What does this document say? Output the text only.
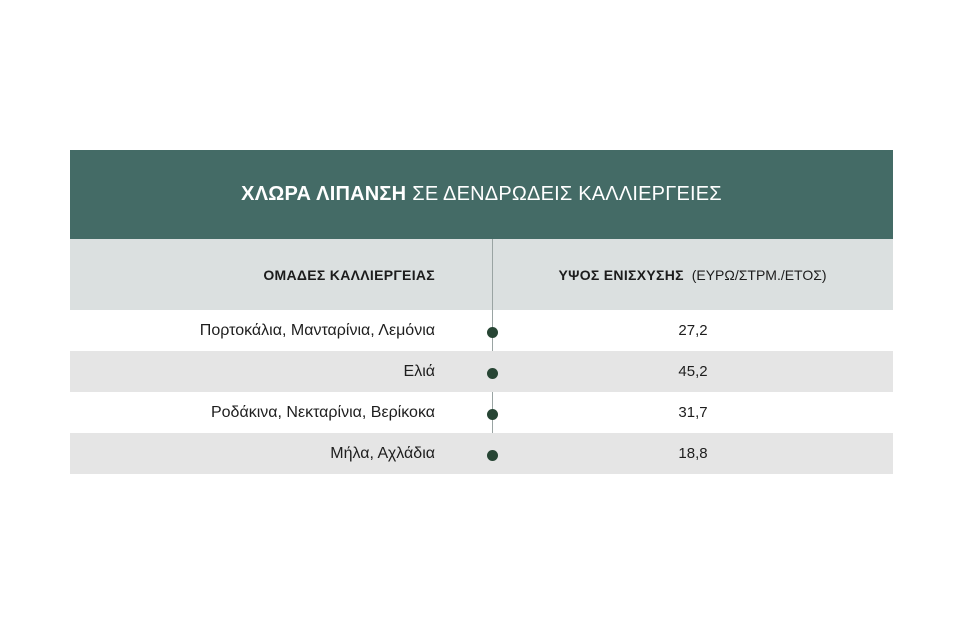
ΧΛΩΡΑ ΛΙΠΑΝΣΗ ΣΕ ΔΕΝΔΡΩΔΕΙΣ ΚΑΛΛΙΕΡΓΕΙΕΣ
ΟΜΑΔΕΣ ΚΑΛΛΙΕΡΓΕΙΑΣ	ΥΨΟΣ ΕΝΙΣΧΥΣΗΣ (ΕΥΡΩ/ΣΤΡΜ./ΕΤΟΣ)
Πορτοκάλια, Μανταρίνια, Λεμόνια	27,2
Ελιά	45,2
Ροδάκινα, Νεκταρίνια, Βερίκοκα	31,7
Μήλα, Αχλάδια	18,8
